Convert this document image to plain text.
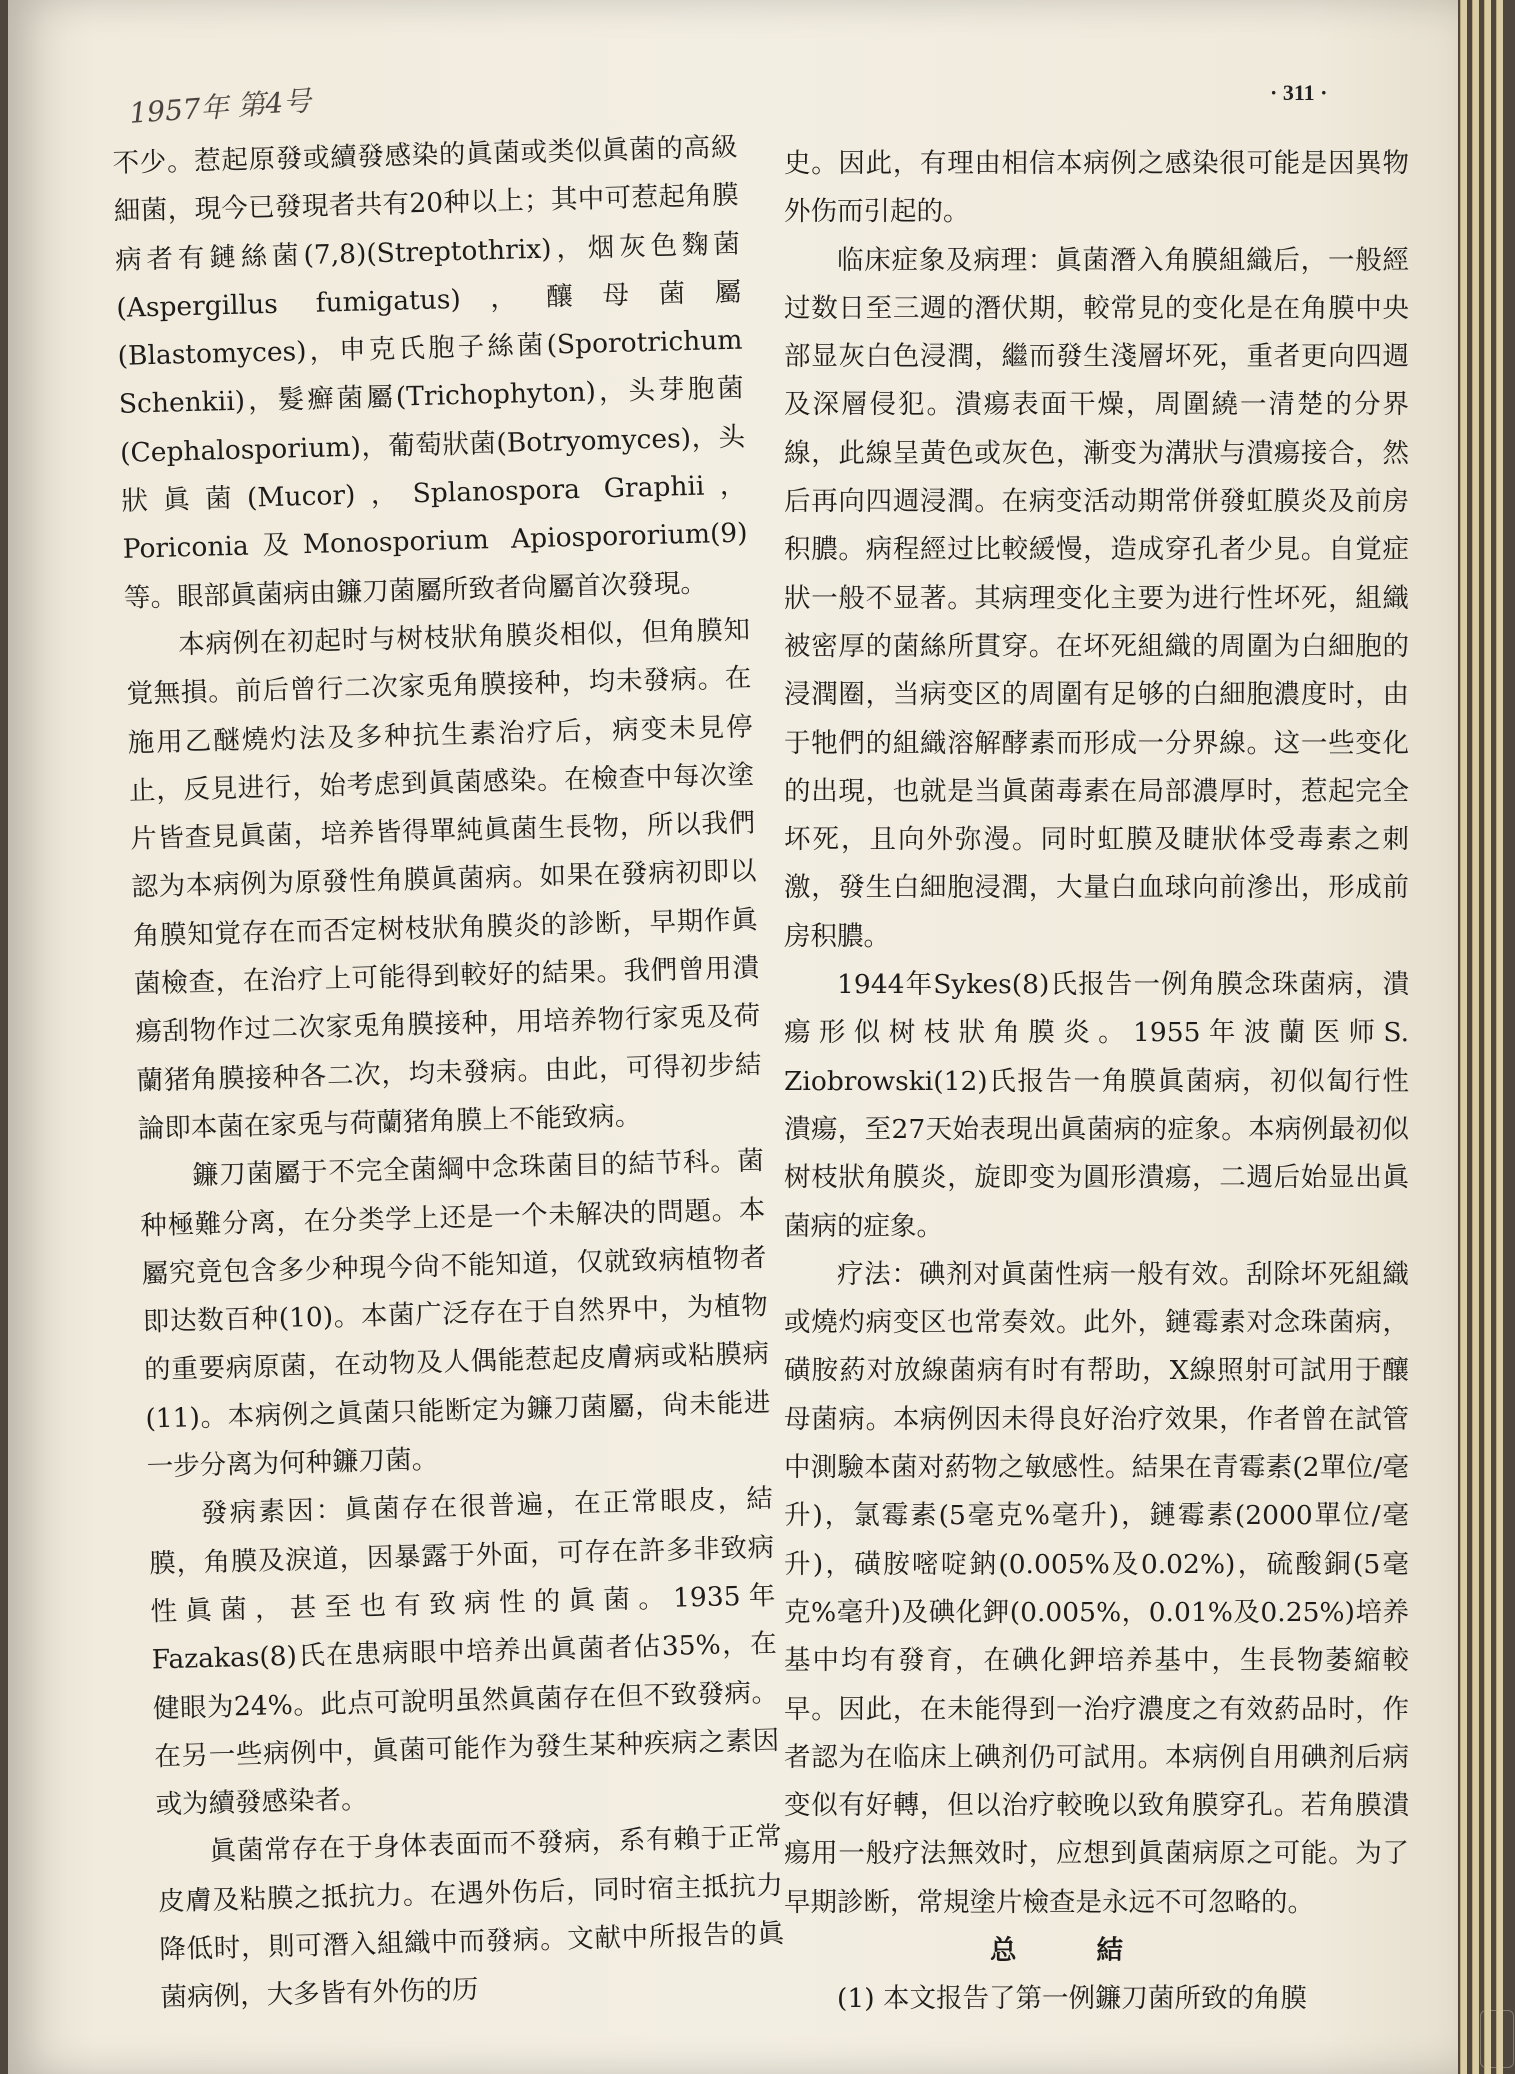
1957年 第4号	· 311 ·

不少。惹起原發或續發感染的眞菌或类似眞菌的高級細菌，現今已發現者共有20种以上；其中可惹起角膜病者有鏈絲菌(7,8)(Streptothrix)，烟灰色麴菌(Aspergillus fumigatus)，釀母菌屬(Blastomyces)，申克氏胞子絲菌(Sporotrichum Schenkii)，髮癬菌屬(Trichophyton)，头芽胞菌(Cephalosporium)，葡萄狀菌(Botryomyces)，头狀眞菌(Mucor)，Splanospora Graphii，Poriconia及Monosporium Apiospororium(9)等。眼部眞菌病由鐮刀菌屬所致者尙屬首次發現。

本病例在初起时与树枝狀角膜炎相似，但角膜知覚無損。前后曾行二次家兎角膜接种，均未發病。在施用乙醚燒灼法及多种抗生素治疗后，病变未見停止，反見进行，始考虑到眞菌感染。在檢查中每次塗片皆查見眞菌，培养皆得單純眞菌生長物，所以我們認为本病例为原發性角膜眞菌病。如果在發病初即以角膜知覚存在而否定树枝狀角膜炎的診断，早期作眞菌檢查，在治疗上可能得到較好的結果。我們曾用潰瘍刮物作过二次家兎角膜接种，用培养物行家兎及荷蘭猪角膜接种各二次，均未發病。由此，可得初步結論即本菌在家兎与荷蘭猪角膜上不能致病。

鐮刀菌屬于不完全菌綱中念珠菌目的結节科。菌种極難分离，在分类学上还是一个未解决的問題。本屬究竟包含多少种現今尙不能知道，仅就致病植物者即达数百种(10)。本菌广泛存在于自然界中，为植物的重要病原菌，在动物及人偶能惹起皮膚病或粘膜病(11)。本病例之眞菌只能断定为鐮刀菌屬，尙未能进一步分离为何种鐮刀菌。

發病素因：眞菌存在很普遍，在正常眼皮，結膜，角膜及淚道，因暴露于外面，可存在許多非致病性眞菌，甚至也有致病性的眞菌。1935年Fazakas(8)氏在患病眼中培养出眞菌者佔35%，在健眼为24%。此点可說明虽然眞菌存在但不致發病。在另一些病例中，眞菌可能作为發生某种疾病之素因或为續發感染者。

眞菌常存在于身体表面而不發病，系有賴于正常皮膚及粘膜之抵抗力。在遇外伤后，同时宿主抵抗力降低时，則可潛入組織中而發病。文献中所报告的眞菌病例，大多皆有外伤的历

史。因此，有理由相信本病例之感染很可能是因異物外伤而引起的。

临床症象及病理：眞菌潛入角膜組織后，一般經过数日至三週的潛伏期，較常見的变化是在角膜中央部显灰白色浸潤，繼而發生淺層坏死，重者更向四週及深層侵犯。潰瘍表面干燥，周圍繞一清楚的分界線，此線呈黃色或灰色，漸变为溝狀与潰瘍接合，然后再向四週浸潤。在病变活动期常併發虹膜炎及前房积膿。病程經过比較緩慢，造成穿孔者少見。自覚症狀一般不显著。其病理变化主要为进行性坏死，組織被密厚的菌絲所貫穿。在坏死組織的周圍为白細胞的浸潤圈，当病变区的周圍有足够的白細胞濃度时，由于牠們的組織溶解酵素而形成一分界線。这一些变化的出現，也就是当眞菌毒素在局部濃厚时，惹起完全坏死，且向外弥漫。同时虹膜及睫狀体受毒素之刺激，發生白細胞浸潤，大量白血球向前滲出，形成前房积膿。

1944年Sykes(8)氏报告一例角膜念珠菌病，潰瘍形似树枝狀角膜炎。1955年波蘭医师S. Ziobrowski(12)氏报告一角膜眞菌病，初似匐行性潰瘍，至27天始表現出眞菌病的症象。本病例最初似树枝狀角膜炎，旋即变为圓形潰瘍，二週后始显出眞菌病的症象。

疗法：碘剂对眞菌性病一般有效。刮除坏死組織或燒灼病变区也常奏效。此外，鏈霉素对念珠菌病，磺胺葯对放線菌病有时有帮助，X線照射可試用于釀母菌病。本病例因未得良好治疗效果，作者曾在試管中測驗本菌对葯物之敏感性。結果在青霉素(2單位/毫升)，氯霉素(5毫克%毫升)，鏈霉素(2000單位/毫升)，磺胺嘧啶鈉(0.005%及0.02%)，硫酸銅(5毫克%毫升)及碘化鉀(0.005%，0.01%及0.25%)培养基中均有發育，在碘化鉀培养基中，生長物萎縮較早。因此，在未能得到一治疗濃度之有效葯品时，作者認为在临床上碘剂仍可試用。本病例自用碘剂后病变似有好轉，但以治疗較晚以致角膜穿孔。若角膜潰瘍用一般疗法無效时，应想到眞菌病原之可能。为了早期診断，常規塗片檢查是永远不可忽略的。

总結

(1) 本文报告了第一例鐮刀菌所致的角膜
